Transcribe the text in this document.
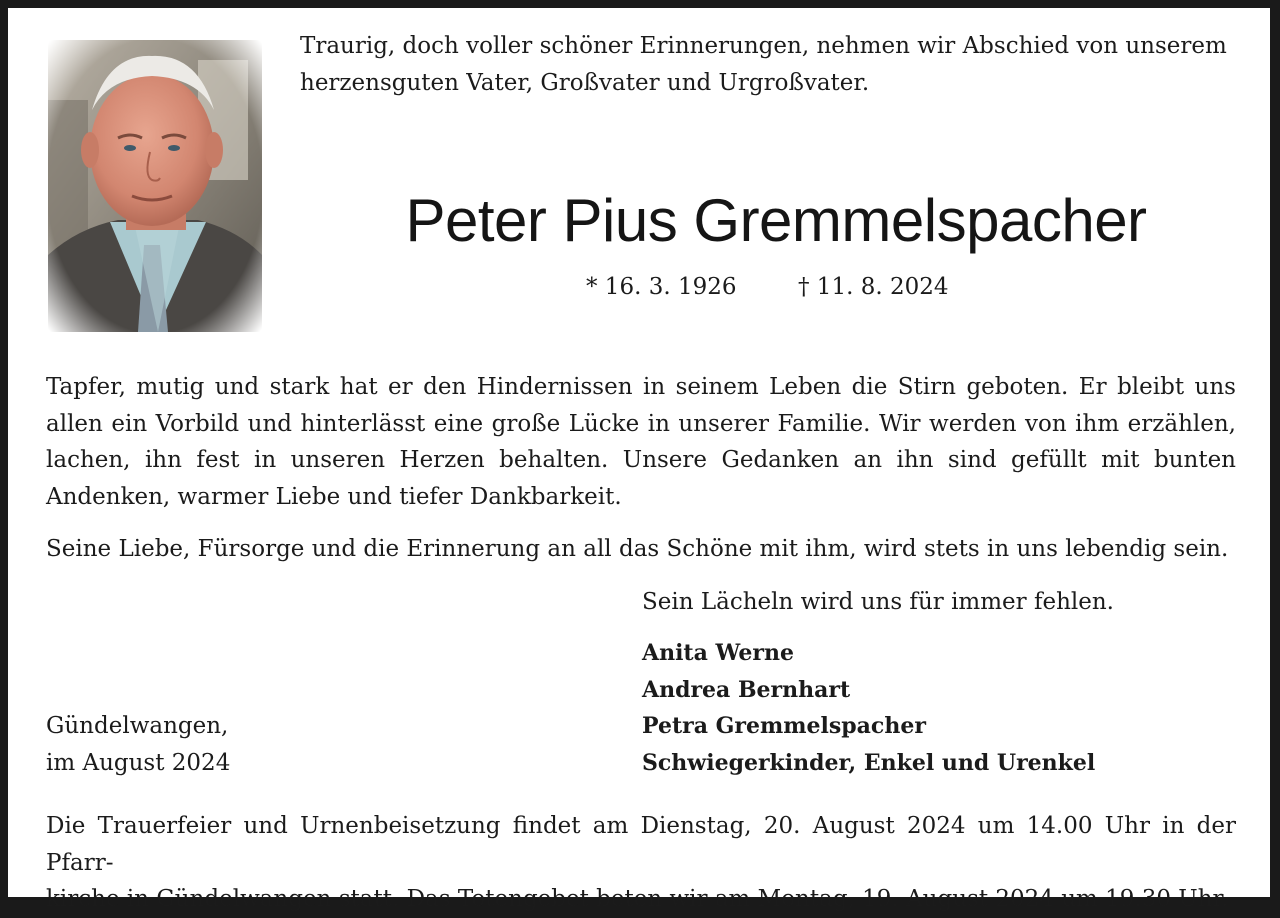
Traurig, doch voller schöner Erinnerungen, nehmen wir Abschied von unserem herzensguten Vater, Großvater und Urgroßvater.

Peter Pius Gremmelspacher
* 16. 3. 1926	† 11. 8. 2024

Tapfer, mutig und stark hat er den Hindernissen in seinem Leben die Stirn geboten. Er bleibt uns allen ein Vorbild und hinterlässt eine große Lücke in unserer Familie. Wir werden von ihm erzählen, lachen, ihn fest in unseren Herzen behalten. Unsere Gedanken an ihn sind gefüllt mit bunten Andenken, warmer Liebe und tiefer Dankbarkeit.

Seine Liebe, Fürsorge und die Erinnerung an all das Schöne mit ihm, wird stets in uns lebendig sein.

Sein Lächeln wird uns für immer fehlen.

Anita Werne
Andrea Bernhart
Petra Gremmelspacher
Schwiegerkinder, Enkel und Urenkel

Gündelwangen,
im August 2024

Die Trauerfeier und Urnenbeisetzung findet am Dienstag, 20. August 2024 um 14.00 Uhr in der Pfarr-
kirche in Gündelwangen statt. Das Totengebet beten wir am Montag, 19. August 2024 um 19.30 Uhr.
